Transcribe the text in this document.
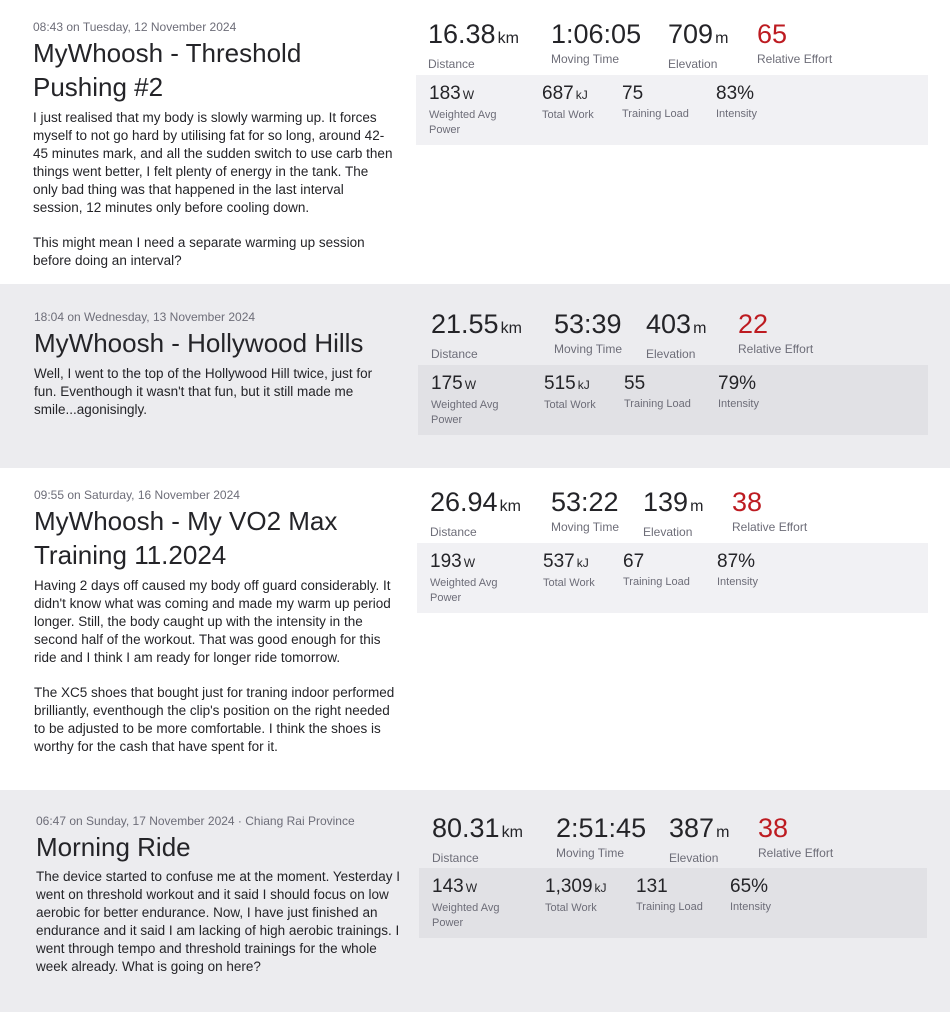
08:43 on Tuesday, 12 November 2024
MyWhoosh - Threshold Pushing #2

I just realised that my body is slowly warming up. It forces myself to not go hard by utilising fat for so long, around 42-45 minutes mark, and all the sudden switch to use carb then things went better, I felt plenty of energy in the tank. The only bad thing was that happened in the last interval session, 12 minutes only before cooling down.

This might mean I need a separate warming up session before doing an interval?

16.38 km
Distance
1:06:05
Moving Time
709 m
Elevation
65
Relative Effort
183 W
Weighted Avg Power
687 kJ
Total Work
75
Training Load
83%
Intensity
18:04 on Wednesday, 13 November 2024
MyWhoosh - Hollywood Hills

Well, I went to the top of the Hollywood Hill twice, just for fun. Eventhough it wasn't that fun, but it still made me smile...agonisingly.

21.55 km
Distance
53:39
Moving Time
403 m
Elevation
22
Relative Effort
175 W
Weighted Avg Power
515 kJ
Total Work
55
Training Load
79%
Intensity
09:55 on Saturday, 16 November 2024
MyWhoosh - My VO2 Max Training 11.2024

Having 2 days off caused my body off guard considerably. It didn't know what was coming and made my warm up period longer. Still, the body caught up with the intensity in the second half of the workout. That was good enough for this ride and I think I am ready for longer ride tomorrow.

The XC5 shoes that bought just for traning indoor performed brilliantly, eventhough the clip's position on the right needed to be adjusted to be more comfortable. I think the shoes is worthy for the cash that have spent for it.

26.94 km
Distance
53:22
Moving Time
139 m
Elevation
38
Relative Effort
193 W
Weighted Avg Power
537 kJ
Total Work
67
Training Load
87%
Intensity
06:47 on Sunday, 17 November 2024 · Chiang Rai Province
Morning Ride

The device started to confuse me at the moment. Yesterday I went on threshold workout and it said I should focus on low aerobic for better endurance. Now, I have just finished an endurance and it said I am lacking of high aerobic trainings. I went through tempo and threshold trainings for the whole week already. What is going on here?

80.31 km
Distance
2:51:45
Moving Time
387 m
Elevation
38
Relative Effort
143 W
Weighted Avg Power
1,309 kJ
Total Work
131
Training Load
65%
Intensity
